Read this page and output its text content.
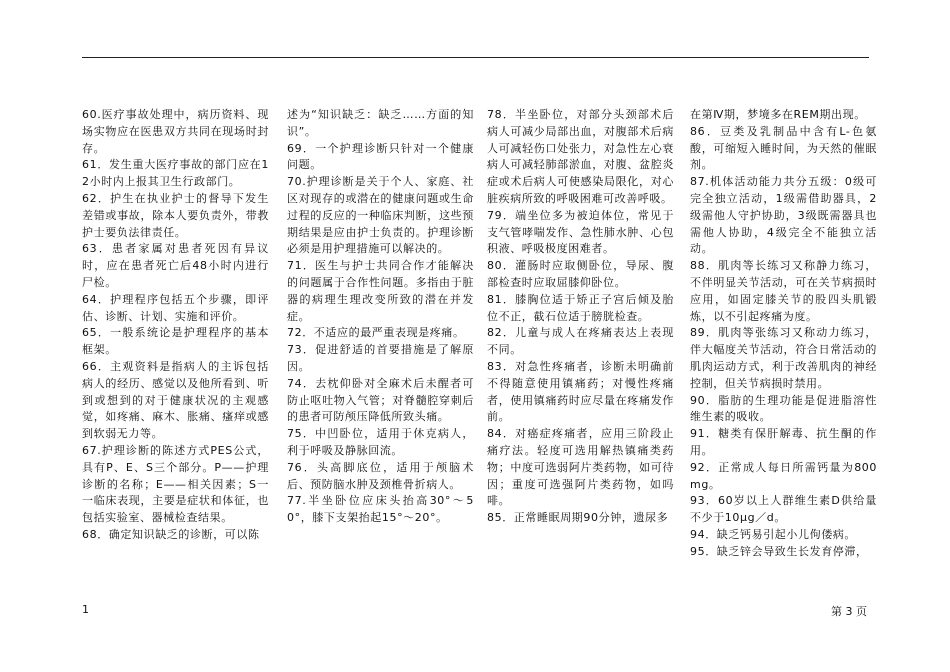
60.医疗事故处理中，病历资料、现场实物应在医患双方共同在现场时封存。

61．发生重大医疗事故的部门应在12小时内上报其卫生行政部门。

62．护生在执业护士的督导下发生差错或事故，除本人要负责外，带教护士要负法律责任。

63．患者家属对患者死因有异议时，应在患者死亡后48小时内进行尸检。

64．护理程序包括五个步骤，即评估、诊断、计划、实施和评价。

65．一般系统论是护理程序的基本框架。

66．主观资料是指病人的主诉包括病人的经历、感觉以及他所看到、听到或想到的对于健康状况的主观感觉，如疼痛、麻木、胀痛、瘙痒或感到软弱无力等。

67.护理诊断的陈述方式PES公式，具有P、E、S三个部分。P——护理诊断的名称；E——相关因素；S一一临床表现，主要是症状和体征，也包括实验室、器械检查结果。

68．确定知识缺乏的诊断，可以陈

述为“知识缺乏：缺乏……方面的知识”。

69．一个护理诊断只针对一个健康问题。

70.护理诊断是关于个人、家庭、社区对现存的或潜在的健康问题或生命过程的反应的一种临床判断，这些预期结果是应由护士负责的。护理诊断必须是用护理措施可以解决的。

71．医生与护士共同合作才能解决的问题属于合作性问题。多指由于脏器的病理生理改变所致的潜在并发症。

72．不适应的最严重表现是疼痛。

73．促进舒适的首要措施是了解原因。

74．去枕仰卧对全麻术后未醒者可防止呕吐物入气管；对脊髓腔穿刺后的患者可防颅压降低所致头痛。

75．中凹卧位，适用于休克病人，利于呼吸及静脉回流。

76．头高脚底位，适用于颅脑术后、预防脑水肿及颈椎骨折病人。

77.半坐卧位应床头抬高30°～50°，膝下支架抬起15°～20°。

78．半坐卧位，对部分头颈部术后病人可减少局部出血，对腹部术后病人可减轻伤口处张力，对急性左心衰病人可减轻肺部淤血，对腹、盆腔炎症或术后病人可使感染局限化，对心脏疾病所致的呼吸困难可改善呼吸。

79．端坐位多为被迫体位，常见于支气管哮喘发作、急性肺水肿、心包积液、呼吸极度困难者。

80．灌肠时应取侧卧位，导尿、腹部检查时应取屈膝仰卧位。

81．膝胸位适于矫正子宫后倾及胎位不正，截石位适于膀胱检查。

82．儿童与成人在疼痛表达上表现不同。

83．对急性疼痛者，诊断未明确前不得随意使用镇痛药；对慢性疼痛者，使用镇痛药时应尽量在疼痛发作前。

84．对癌症疼痛者，应用三阶段止痛疗法。轻度可选用解热镇痛类药物；中度可选弱阿片类药物，如可待因；重度可选强阿片类药物，如吗啡。

85．正常睡眠周期90分钟，遗尿多

在第Ⅳ期，梦境多在REM期出现。

86．豆类及乳制品中含有L-色氨酸，可缩短入睡时间，为天然的催眠剂。

87.机体活动能力共分五级：0级可完全独立活动，1级需借助器具，2级需他人守护协助，3级既需器具也需他人协助，4级完全不能独立活动。

88．肌肉等长练习又称静力练习，不伴明显关节活动，可在关节病损时应用，如固定膝关节的股四头肌锻炼，以不引起疼痛为度。

89．肌肉等张练习又称动力练习，伴大幅度关节活动，符合日常活动的肌肉运动方式，利于改善肌肉的神经控制，但关节病损时禁用。

90．脂肪的生理功能是促进脂溶性维生素的吸收。

91．糖类有保肝解毒、抗生酮的作用。

92．正常成人每日所需钙量为800mg。

93．60岁以上人群维生素D供给量不少于10μg／d。

94．缺乏钙易引起小儿佝偻病。

95．缺乏锌会导致生长发育停滞，

1	第 3 页
